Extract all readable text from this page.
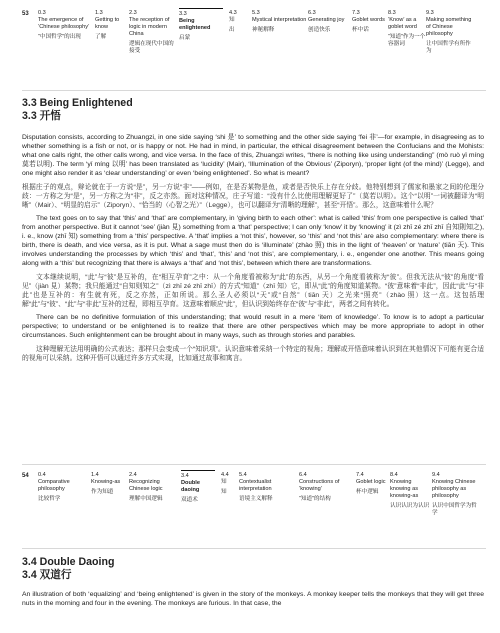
53	0.3
The emergence of ‘Chinese philosophy’
“中国哲学”的出现
1.3
Getting to know
了解
2.3
The reception of logic in modern China
逻辑在现代中国的接受
3.3
Being enlightened
启蒙
4.3
知
出
5.3
Mystical interpretation
神秘解释
6.3
Generating joy
创造快乐
7.3
Goblet words
杯中话
8.3
‘Know’ as a goblet word
“知道”作为一个容器词
9.3
Making something of Chinese philosophy
让中国哲学有所作为
3.3 Being Enlightened
3.3 开悟

Disputation consists, according to Zhuangzi, in one side saying ‘shi 是’ to something and the other side saying ‘fei 非’—for example, in disagreeing as to whether something is a fish or not, or is happy or not. He had in mind, in particular, the ethical disagreement between the Confucians and the Mohists: what one calls right, the other calls wrong, and vice versa. In the face of this, Zhuangzi writes, “there is nothing like using understanding” (mò ruò yǐ míng 莫若以明). The term ‘yǐ míng 以明’ has been translated as ‘lucidity’ (Mair), ‘Illumination of the Obvious’ (Ziporyn), ‘proper light (of the mind)’ (Legge), and one might also render it as ‘clear understanding’ or even ‘being enlightened’. So what is meant?

根据庄子的观点，辩论就在于一方说“是”，另一方说“非”——例如，在是否某物是鱼，或者是否快乐上存在分歧。他特别想到了儒家和墨家之间的伦理分歧：一方称之为“是”，另一方称之为“非”，反之亦然。面对这种情况，庄子写道：“没有什么比使用理解更好了”（莫若以明）。这个“以明”一词被翻译为“明晰”（Mair）、“明显的启示”（Ziporyn）、“恰当的（心智之光）”（Legge），也可以翻译为“清晰的理解”，甚至“开悟”。那么，这意味着什么呢？

The text goes on to say that ‘this’ and ‘that’ are complementary, in ‘giving birth to each other’: what is called ‘this’ from one perspective is called ‘that’ from another perspective. But it cannot ‘see’ (jiàn 見) something from a ‘that’ perspective; I can only ‘know’ it by ‘knowing’ it (zì zhī zé zhī zhī 自知則知之), i. e., know (zhī 知) something from a ‘this’ perspective. A ‘that’ implies a ‘not this’, however, so ‘this’ and ‘not this’ are also complementary: where there is birth, there is death, and vice versa, as it is put. What a sage must then do is ‘illuminate’ (zhào 照) this in the light of ‘heaven’ or ‘nature’ (tiān 天). This involves understanding the processes by which ‘this’ and ‘that’, ‘this’ and ‘not this’, are complementary, i. e., engender one another. This means going along with a ‘this’ but recognizing that there is always a ‘that’ and ‘not this’, between which there are transformations.

文本继续说明，“此”与“彼”是互补的，在“相互孕育”之中：从一个角度看被称为“此”的东西，从另一个角度看被称为“彼”。但我无法从“彼”的角度“看见”（jiàn 見）某物；我只能通过“自知则知之”（zì zhī zé zhī zhī）的方式“知道”（zhī 知）它，即从“此”的角度知道某物。“彼”意味着“非此”，因此“此”与“非此”也是互补的：有生就有死，反之亦然，正如所说。那么圣人必须以“天”或“自然”（tiān 天）之光来“照亮”（zhào 照）这一点。这包括理解“此”与“彼”、“此”与“非此”互补的过程，即相互孕育。这意味着顺应“此”，但认识到始终存在“彼”与“非此”，两者之间有转化。

There can be no definitive formulation of this understanding; that would result in a mere ‘item of knowledge’. To know is to adopt a particular perspective; to understand or be enlightened is to realize that there are other perspectives which may be more appropriate to adopt in other circumstances. Such enlightenment can be brought about in many ways, such as through stories and parables.

这种理解无法用明确的公式表达；那样只会变成一个“知识项”。认识意味着采纳一个特定的视角；理解或开悟意味着认识到在其他情况下可能有更合适的视角可以采纳。这种开悟可以通过许多方式实现，比如通过故事和寓言。

54	0.4
Comparative philosophy
比较哲学
1.4
Knowing-as
作为知道
2.4
Recognizing Chinese logic
理解中国逻辑
3.4
Double daoing
双道术
4.4
知
知
5.4
Contextualist interpretation
语境主义解释
6.4
Constructions of ‘knowing’
“知道”的结构
7.4
Goblet logic
杯中逻辑
8.4
Knowing knowing as knowing-as
认识认识为认识
9.4
Knowing Chinese philosophy as philosophy
认识中国哲学为哲学
3.4 Double Daoing
3.4 双道行

An illustration of both ‘equalizing’ and ‘being enlightened’ is given in the story of the monkeys. A monkey keeper tells the monkeys that they will get three nuts in the morning and four in the evening. The monkeys are furious. In that case, the
